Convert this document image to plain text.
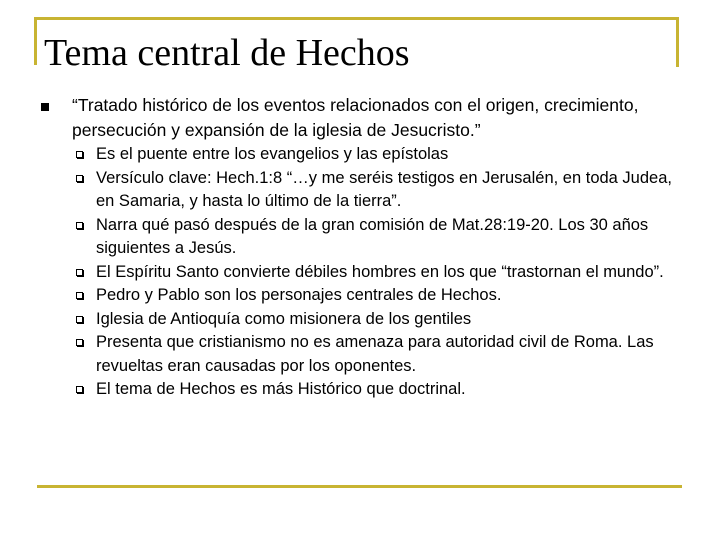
Tema central de Hechos
“Tratado histórico de los eventos relacionados con el origen, crecimiento, persecución y expansión de la iglesia de Jesucristo.”
Es el puente entre los evangelios y las epístolas
Versículo clave: Hech.1:8 “…y me seréis testigos en Jerusalén, en toda Judea, en Samaria, y hasta lo último de la tierra”.
Narra qué pasó después de la gran comisión de Mat.28:19-20. Los 30 años siguientes a Jesús.
El Espíritu Santo convierte débiles hombres en los que “trastornan el mundo”.
Pedro y Pablo son los personajes centrales de Hechos.
Iglesia de Antioquía como misionera de los gentiles
Presenta que cristianismo no es amenaza para autoridad civil de Roma. Las revueltas eran causadas por los oponentes.
El tema de Hechos es más Histórico que doctrinal.
